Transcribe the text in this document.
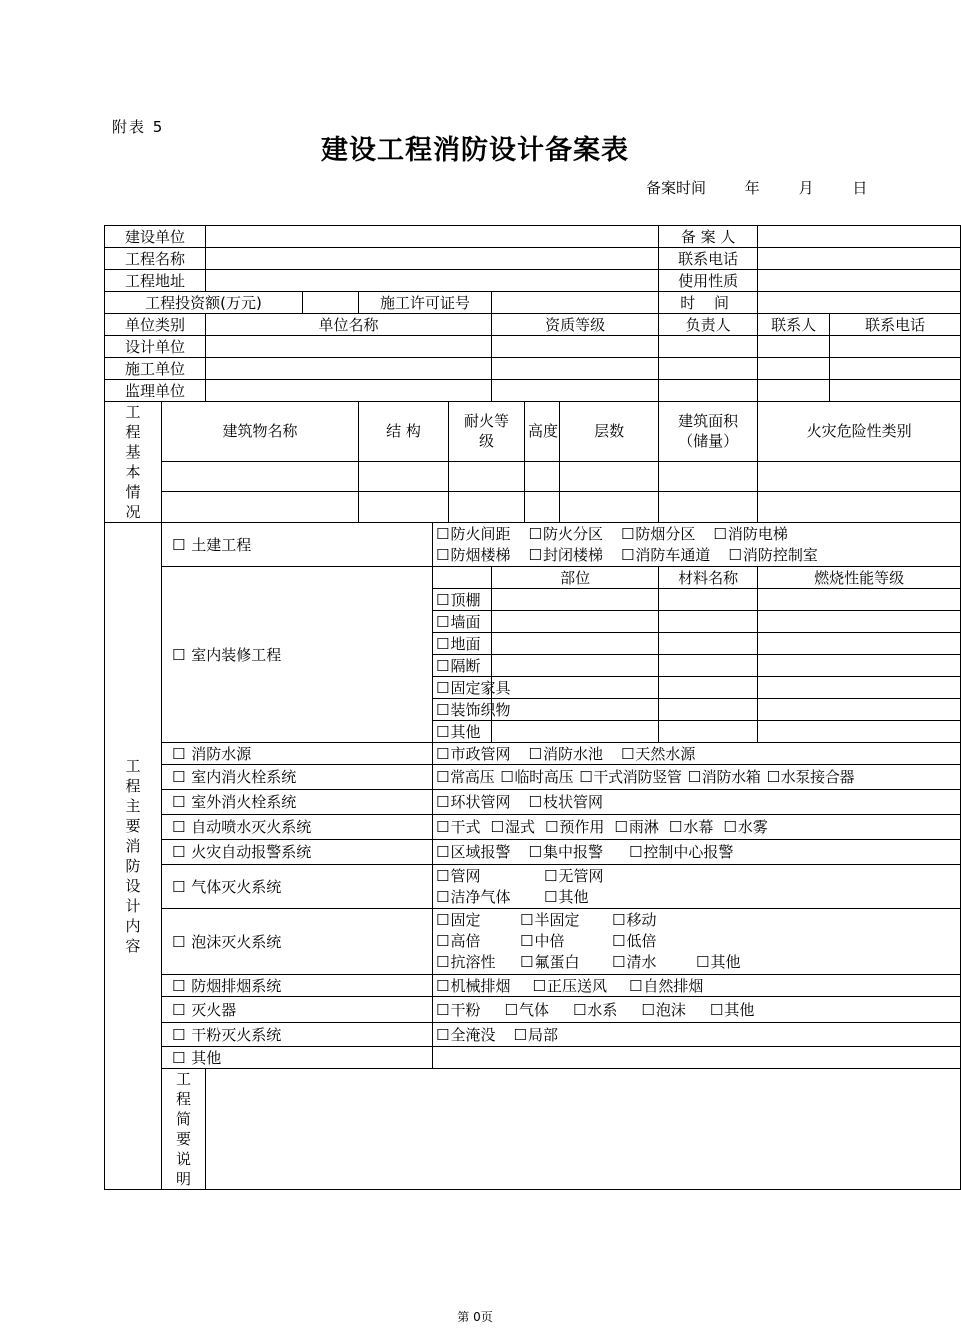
附表 5
建设工程消防设计备案表
备案时间	年	月	日
建设单位										备 案 人		
工程名称										联系电话		
工程地址										使用性质		
工程投资额(万元)				施工许可证号						时 间		
单位类别		单位名称					资质等级			负责人	联系人	联系电话
设计单位												
施工单位												
监理单位												
工程基本情况	建筑物名称			结 构		耐火等级		高度	层数	建筑面积（储量）	火灾危险性类别	

工程主要消防设计内容	☐ 土建工程				☐ 防火间距 ☐ 防火分区 ☐ 防烟分区 ☐ 消防电梯
☐ 防烟楼梯 ☐ 封闭楼梯 ☐ 消防车通道 ☐ 消防控制室

☐ 室内装修工程						部位			材料名称	燃烧性能等级	
					☐ 顶棚			
					☐ 墙面			
					☐ 地面			
					☐ 隔断			
					☐ 固定家具			
					☐ 装饰织物			
					☐ 其他			
☐ 消防水源				☐ 市政管网 ☐ 消防水池 ☐ 天然水源
☐ 室内消火栓系统				☐ 常高压 ☐ 临时高压 ☐ 干式消防竖管 ☐ 消防水箱 ☐ 水泵接合器
☐ 室外消火栓系统				☐ 环状管网 ☐ 枝状管网
☐ 自动喷水灭火系统				☐ 干式 ☐ 湿式 ☐ 预作用 ☐ 雨淋 ☐ 水幕 ☐ 水雾
☐ 火灾自动报警系统				☐ 区域报警 ☐ 集中报警 ☐ 控制中心报警
☐ 气体灭火系统				☐ 管网 ☐ 无管网
☐ 洁净气体 ☐ 其他

☐ 泡沫灭火系统				☐ 固定 ☐ 半固定 ☐ 移动
☐ 高倍 ☐ 中倍 ☐ 低倍
☐ 抗溶性 ☐ 氟蛋白 ☐ 清水 ☐ 其他

☐ 防烟排烟系统				☐ 机械排烟 ☐ 正压送风 ☐ 自然排烟
☐ 灭火器				☐ 干粉 ☐ 气体 ☐ 水系 ☐ 泡沫 ☐ 其他
☐ 干粉灭火系统				☐ 全淹没 ☐ 局部
☐ 其他	
	工程简要说明											
第 0页
